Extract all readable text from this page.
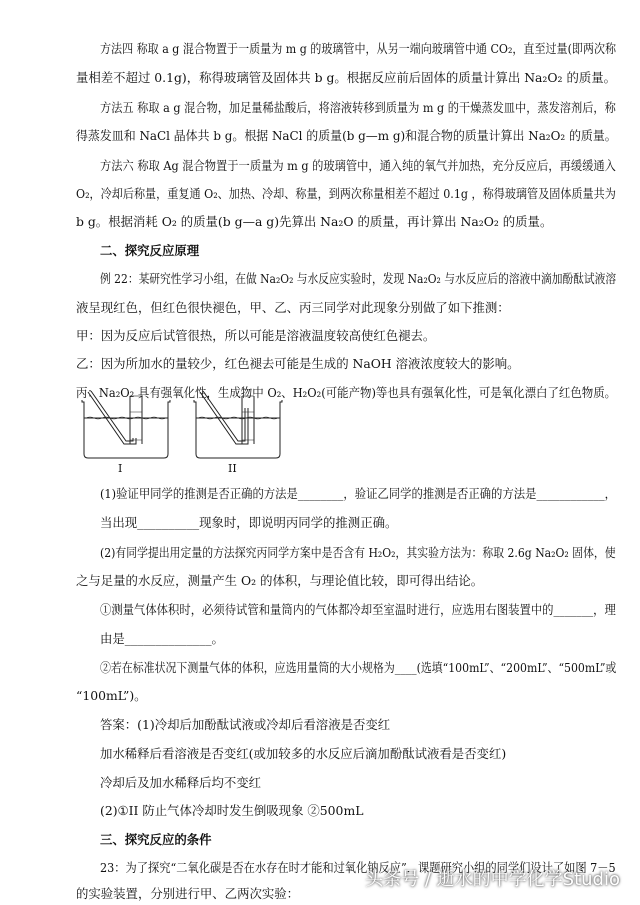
方法四 称取 a g 混合物置于一质量为 m g 的玻璃管中，从另一端向玻璃管中通 CO₂，直至过量(即两次称
量相差不超过 0.1g)，称得玻璃管及固体共 b g。根据反应前后固体的质量计算出 Na₂O₂ 的质量。
方法五 称取 a g 混合物，加足量稀盐酸后，将溶液转移到质量为 m g 的干燥蒸发皿中，蒸发溶剂后，称
得蒸发皿和 NaCl 晶体共 b g。根据 NaCl 的质量(b g—m g)和混合物的质量计算出 Na₂O₂ 的质量。
方法六 称取 Ag 混合物置于一质量为 m g 的玻璃管中，通入纯的氧气并加热，充分反应后，再缓缓通入
O₂，冷却后称量，重复通 O₂、加热、冷却、称量，到两次称量相差不超过 0.1g ，称得玻璃管及固体质量共为
b g。根据消耗 O₂ 的质量(b g—a g)先算出 Na₂O 的质量，再计算出 Na₂O₂ 的质量。
二、探究反应原理
例 22：某研究性学习小组，在做 Na₂O₂ 与水反应实验时，发现 Na₂O₂ 与水反应后的溶液中滴加酚酞试液溶
液呈现红色，但红色很快褪色，甲、乙、丙三同学对此现象分别做了如下推测：
甲：因为反应后试管很热，所以可能是溶液温度较高使红色褪去。
乙：因为所加水的量较少，红色褪去可能是生成的 NaOH 溶液浓度较大的影响。
丙：Na₂O₂ 具有强氧化性，生成物中 O₂、H₂O₂(可能产物)等也具有强氧化性，可是氧化漂白了红色物质。
I	II
(1)验证甲同学的推测是否正确的方法是________，验证乙同学的推测是否正确的方法是____________，
当出现__________现象时，即说明丙同学的推测正确。
(2)有同学提出用定量的方法探究丙同学方案中是否含有 H₂O₂，其实验方法为：称取 2.6g Na₂O₂ 固体，使
之与足量的水反应，测量产生 O₂ 的体积，与理论值比较，即可得出结论。
①测量气体体积时，必须待试管和量筒内的气体都冷却至室温时进行，应选用右图装置中的_______，理
由是______________。
②若在标准状况下测量气体的体积，应选用量筒的大小规格为____(选填“100mL”、“200mL”、“500mL”或
“100mL”)。
答案：(1)冷却后加酚酞试液或冷却后看溶液是否变红
加水稀释后看溶液是否变红(或加较多的水反应后滴加酚酞试液看是否变红)
冷却后及加水稀释后均不变红
(2)①II 防止气体冷却时发生倒吸现象 ②500mL
三、探究反应的条件
23：为了探究“二氧化碳是否在水存在时才能和过氧化钠反应”．课题研究小组的同学们设计了如图 7－5
的实验装置，分别进行甲、乙两次实验：
头条号 / 逝水的中学化学Studio
